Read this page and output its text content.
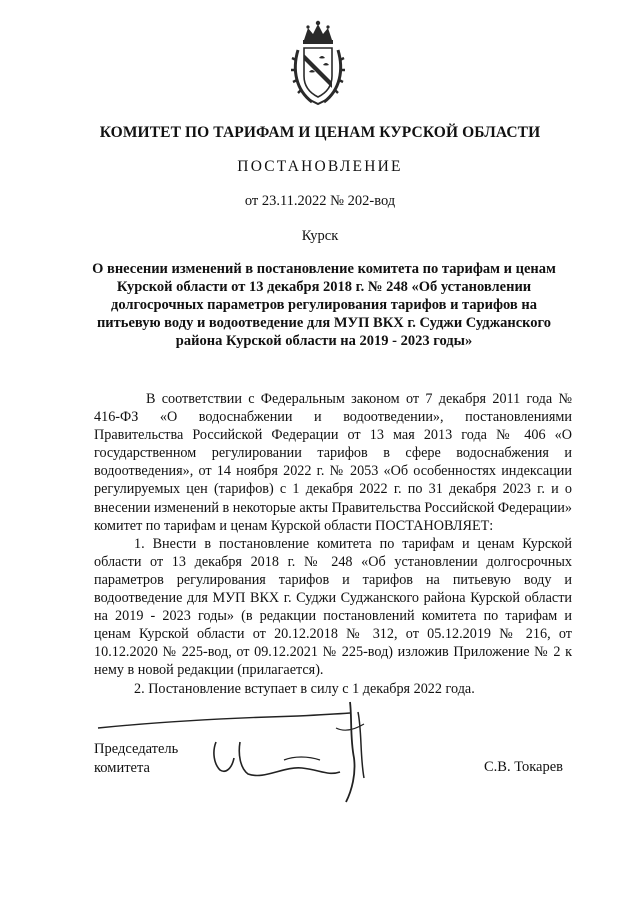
КОМИТЕТ ПО ТАРИФАМ И ЦЕНАМ КУРСКОЙ ОБЛАСТИ
ПОСТАНОВЛЕНИЕ
от 23.11.2022 № 202-вод
Курск
О внесении изменений в постановление комитета по тарифам и ценам Курской области от 13 декабря 2018 г. № 248 «Об установлении долгосрочных параметров регулирования тарифов и тарифов на питьевую воду и водоотведение для МУП ВКХ г. Суджи Суджанского района Курской области на 2019 - 2023 годы»

В соответствии с Федеральным законом от 7 декабря 2011 года № 416-ФЗ «О водоснабжении и водоотведении», постановлениями Правительства Российской Федерации от 13 мая 2013 года № 406 «О государственном регулировании тарифов в сфере водоснабжения и водоотведения», от 14 ноября 2022 г. № 2053 «Об особенностях индексации регулируемых цен (тарифов) с 1 декабря 2022 г. по 31 декабря 2023 г. и о внесении изменений в некоторые акты Правительства Российской Федерации» комитет по тарифам и ценам Курской области ПОСТАНОВЛЯЕТ:

1. Внести в постановление комитета по тарифам и ценам Курской области от 13 декабря 2018 г. № 248 «Об установлении долгосрочных параметров регулирования тарифов и тарифов на питьевую воду и водоотведение для МУП ВКХ г. Суджи Суджанского района Курской области на 2019 - 2023 годы» (в редакции постановлений комитета по тарифам и ценам Курской области от 20.12.2018 № 312, от 05.12.2019 № 216, от 10.12.2020 № 225-вод, от 09.12.2021 № 225-вод) изложив Приложение № 2 к нему в новой редакции (прилагается).

2. Постановление вступает в силу с 1 декабря 2022 года.

Председатель комитета	С.В. Токарев
